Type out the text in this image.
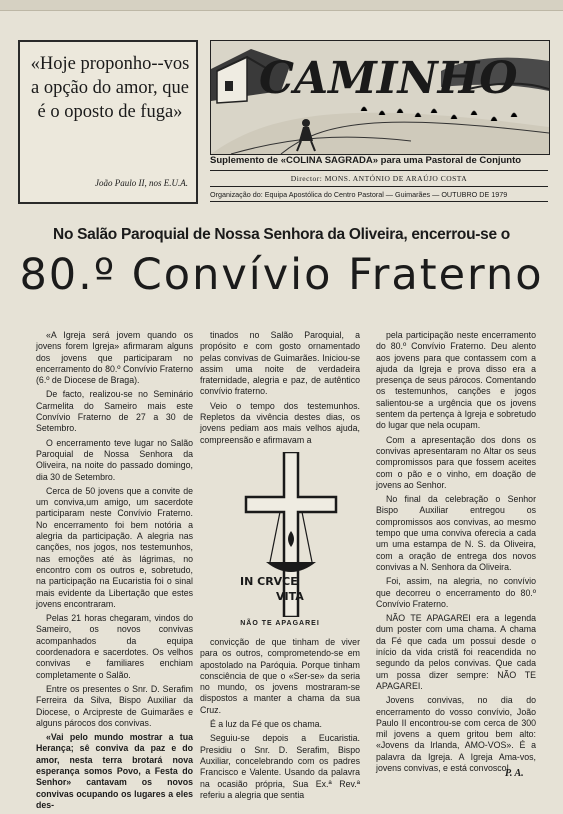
«Hoje proponho--vos a opção do amor, que é o oposto de fuga»
João Paulo II, nos E.U.A.
CAMINHO
Suplemento de «COLINA SAGRADA» para uma Pastoral de Conjunto
Director: MONS. ANTÓNIO DE ARAÚJO COSTA
Organização do: Equipa Apostólica do Centro Pastoral — Guimarães — OUTUBRO DE 1979
No Salão Paroquial de Nossa Senhora da Oliveira, encerrou-se o
80.º Convívio Fraterno

«A Igreja será jovem quando os jovens forem Igreja» afirmaram alguns dos jovens que participaram no encerramento do 80.º Convívio Fraterno (6.º de Diocese de Braga).

De facto, realizou-se no Seminário Carmelita do Sameiro mais este Convívio Fraterno de 27 a 30 de Setembro.

O encerramento teve lugar no Salão Paroquial de Nossa Senhora da Oliveira, na noite do passado domingo, dia 30 de Setembro.

Cerca de 50 jovens que a convite de um conviva,um amigo, um sacerdote participaram neste Convívio Fraterno. No encerramento foi bem notória a alegria da participação. A alegria nas canções, nos jogos, nos testemunhos, nas emoções até às lágrimas, no encontro com os outros e, sobretudo, na participação na Eucaristia foi o sinal mais evidente da Libertação que estes jovens encontraram.

Pelas 21 horas chegaram, vindos do Sameiro, os novos convivas acompanhados da equipa coordenadora e sacerdotes. Os velhos convivas e familiares enchiam completamente o Salão.

Entre os presentes o Snr. D. Serafim Ferreira da Silva, Bispo Auxiliar da Diocese, o Arcipreste de Guimarães e alguns párocos dos convivas.

«Vai pelo mundo mostrar a tua Herança; sê conviva da paz e do amor, nesta terra brotará nova esperança somos Povo, a Festa do Senhor» cantavam os novos convivas ocupando os lugares a eles des-

tinados no Salão Paroquial, a propósito e com gosto ornamentado pelas convivas de Guimarães. Iniciou-se assim uma noite de verdadeira fraternidade, alegria e paz, de autêntico convívio fraterno.

Veio o tempo dos testemunhos. Repletos da vivência destes dias, os jovens pediam aos mais velhos ajuda, compreensão e afirmavam a

IN CRVCE
VITA
NÃO TE APAGAREI

convicção de que tinham de viver para os outros, comprometendo-se em apostolado na Paróquia. Porque tinham consciência de que o «Ser-se» da seria no mundo, os jovens mostraram-se dispostos a manter a chama da sua Cruz.

É a luz da Fé que os chama.

Seguiu-se depois a Eucaristia. Presidiu o Snr. D. Serafim, Bispo Auxiliar, concelebrando com os padres Francisco e Valente. Usando da palavra na ocasião própria, Sua Ex.ª Rev.ª referiu a alegria que sentia

pela participação neste encerramento do 80.º Convívio Fraterno. Deu alento aos jovens para que contassem com a ajuda da Igreja e prova disso era a presença de seus párocos. Comentando os testemunhos, canções e jogos salientou-se a urgência que os jovens sentem da pertença à Igreja e sobretudo do lugar que nela ocupam.

Com a apresentação dos dons os convivas apresentaram no Altar os seus compromissos para que fossem aceites com o pão e o vinho, em doação de jovens ao Senhor.

No final da celebração o Senhor Bispo Auxiliar entregou os compromissos aos convivas, ao mesmo tempo que uma conviva oferecia a cada um uma estampa de N. S. da Oliveira, com a oração de entrega dos novos convivas a N. Senhora da Oliveira.

Foi, assim, na alegria, no convívio que decorreu o encerramento do 80.º Convívio Fraterno.

NÃO TE APAGAREI era a legenda dum poster com uma chama. A chama da Fé que cada um possui desde o início da vida cristã foi reacendida no segundo da pelos convivas. Que cada um possa dizer sempre: NÃO TE APAGAREI.

Jovens convivas, no dia do encerramento do vosso convívio, João Paulo II encontrou-se com cerca de 300 mil jovens a quem gritou bem alto: «Jovens da Irlanda, AMO-VOS». É a palavra da Igreja. A Igreja Ama-vos, jovens convivas, e está convosco!

P. A.
